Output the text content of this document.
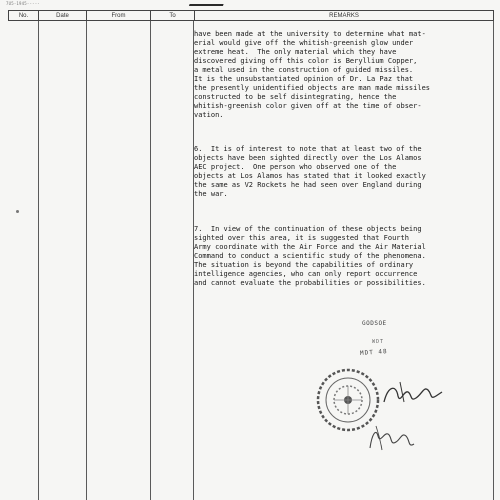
7U5-1945-----
No.	Date	From	To	REMARKS
have been made at the university to determine what mat-
erial would give off the whitish-greenish glow under
extreme heat.  The only material which they have
discovered giving off this color is Beryllium Copper,
a metal used in the construction of guided missiles.
It is the unsubstantiated opinion of Dr. La Paz that
the presently unidentified objects are man made missiles
constructed to be self disintegrating, hence the
whitish-greenish color given off at the time of obser-
vation.
6.  It is of interest to note that at least two of the
objects have been sighted directly over the Los Alamos
AEC project.  One person who observed one of the
objects at Los Alamos has stated that it looked exactly
the same as V2 Rockets he had seen over England during
the war.
7.  In view of the continuation of these objects being
sighted over this area, it is suggested that Fourth
Army coordinate with the Air Force and the Air Material
Command to conduct a scientific study of the phenomena.
The situation is beyond the capabilities of ordinary
intelligence agencies, who can only report occurrence
and cannot evaluate the probabilities or possibilities.
GODSOE
WDT
MDT 48
